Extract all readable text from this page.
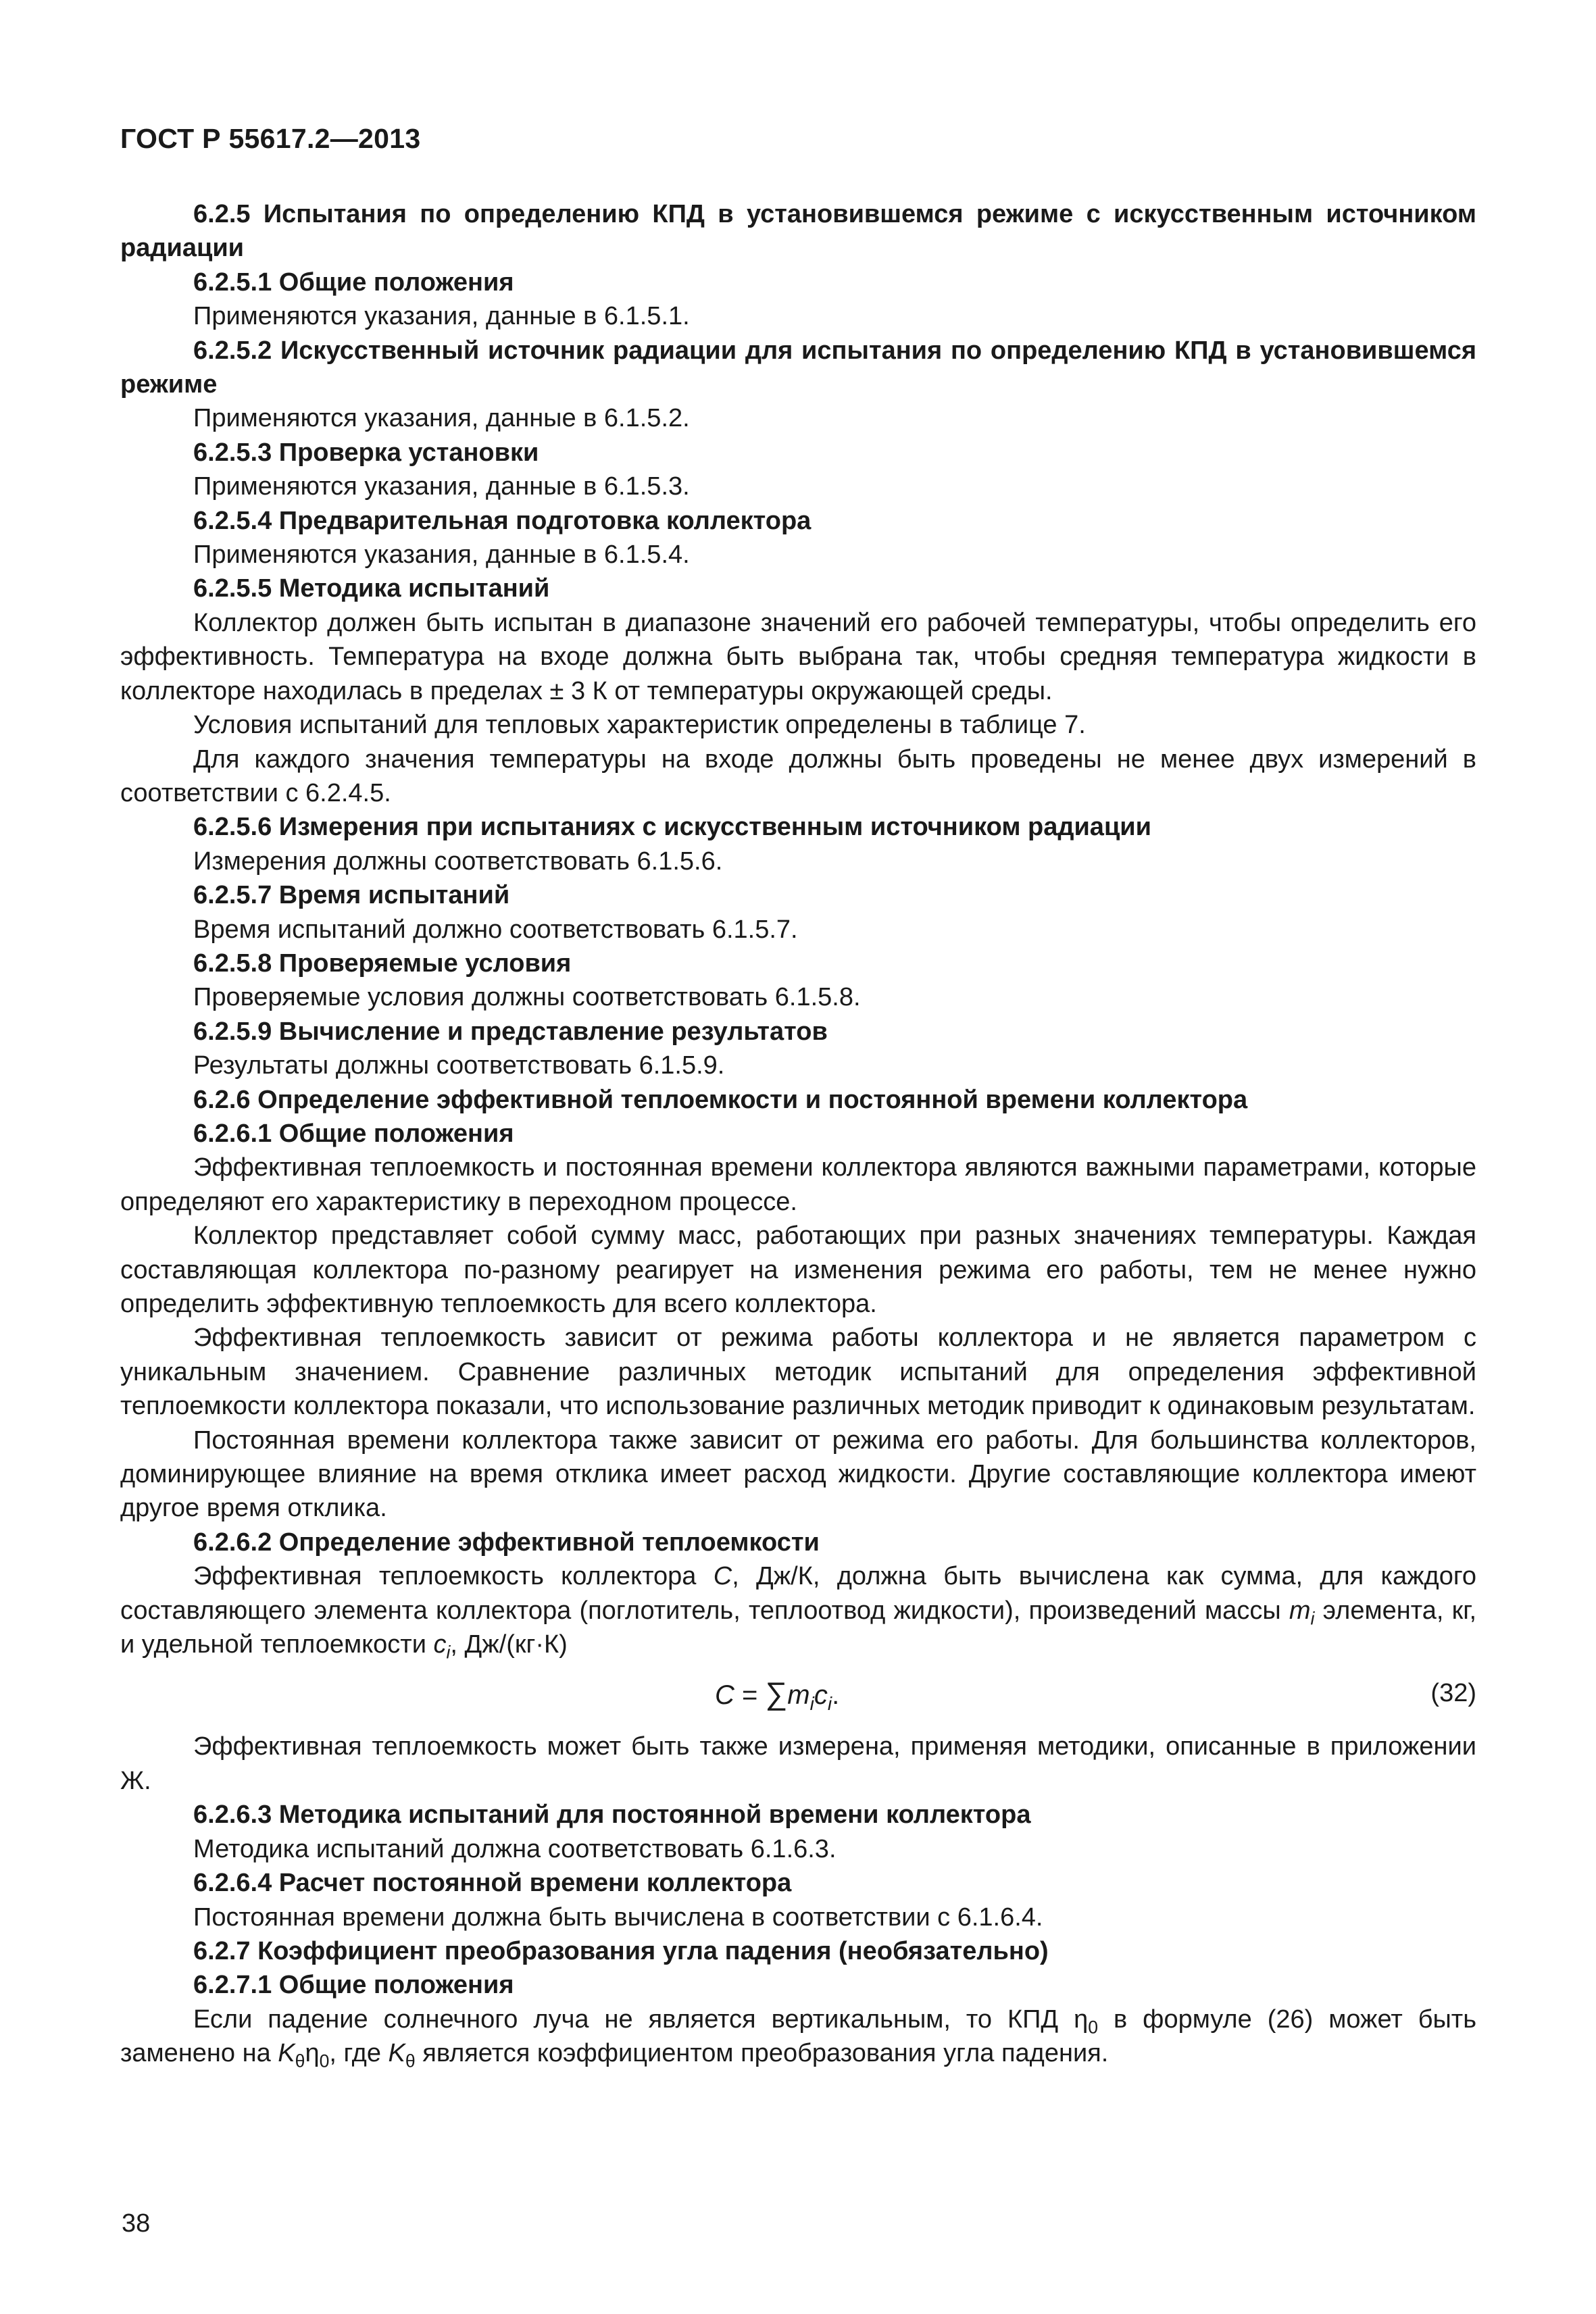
ГОСТ Р 55617.2—2013
6.2.5 Испытания по определению КПД в установившемся режиме с искусственным источником радиации
6.2.5.1 Общие положения

Применяются указания, данные в 6.1.5.1.

6.2.5.2 Искусственный источник радиации для испытания по определению КПД в установившемся режиме

Применяются указания, данные в 6.1.5.2.

6.2.5.3 Проверка установки

Применяются указания, данные в 6.1.5.3.

6.2.5.4 Предварительная подготовка коллектора

Применяются указания, данные в 6.1.5.4.

6.2.5.5 Методика испытаний

Коллектор должен быть испытан в диапазоне значений его рабочей температуры, чтобы определить его эффективность. Температура на входе должна быть выбрана так, чтобы средняя температура жидкости в коллекторе находилась в пределах ± 3 К от температуры окружающей среды.

Условия испытаний для тепловых характеристик определены в таблице 7.

Для каждого значения температуры на входе должны быть проведены не менее двух измерений в соответствии с 6.2.4.5.

6.2.5.6 Измерения при испытаниях с искусственным источником радиации

Измерения должны соответствовать 6.1.5.6.

6.2.5.7 Время испытаний

Время испытаний должно соответствовать 6.1.5.7.

6.2.5.8 Проверяемые условия

Проверяемые условия должны соответствовать 6.1.5.8.

6.2.5.9 Вычисление и представление результатов

Результаты должны соответствовать 6.1.5.9.

6.2.6 Определение эффективной теплоемкости и постоянной времени коллектора
6.2.6.1 Общие положения

Эффективная теплоемкость и постоянная времени коллектора являются важными параметрами, которые определяют его характеристику в переходном процессе.

Коллектор представляет собой сумму масс, работающих при разных значениях температуры. Каждая составляющая коллектора по-разному реагирует на изменения режима его работы, тем не менее нужно определить эффективную теплоемкость для всего коллектора.

Эффективная теплоемкость зависит от режима работы коллектора и не является параметром с уникальным значением. Сравнение различных методик испытаний для определения эффективной теплоемкости коллектора показали, что использование различных методик приводит к одинаковым результатам.

Постоянная времени коллектора также зависит от режима его работы. Для большинства коллекторов, доминирующее влияние на время отклика имеет расход жидкости. Другие составляющие коллектора имеют другое время отклика.

6.2.6.2 Определение эффективной теплоемкости

Эффективная теплоемкость коллектора C, Дж/К, должна быть вычислена как сумма, для каждого составляющего элемента коллектора (поглотитель, теплоотвод жидкости), произведений массы $m_i$ элемента, кг, и удельной теплоемкости $c_i$, Дж/(кг·К)

$C = \sum m_ic_i$.	(32)

Эффективная теплоемкость может быть также измерена, применяя методики, описанные в приложении Ж.

6.2.6.3 Методика испытаний для постоянной времени коллектора

Методика испытаний должна соответствовать 6.1.6.3.

6.2.6.4 Расчет постоянной времени коллектора

Постоянная времени должна быть вычислена в соответствии с 6.1.6.4.

6.2.7 Коэффициент преобразования угла падения (необязательно)
6.2.7.1 Общие положения

Если падение солнечного луча не является вертикальным, то КПД $\eta_0$ в формуле (26) может быть заменено на $K_\theta\eta_0$, где $K_\theta$ является коэффициентом преобразования угла падения.

38
